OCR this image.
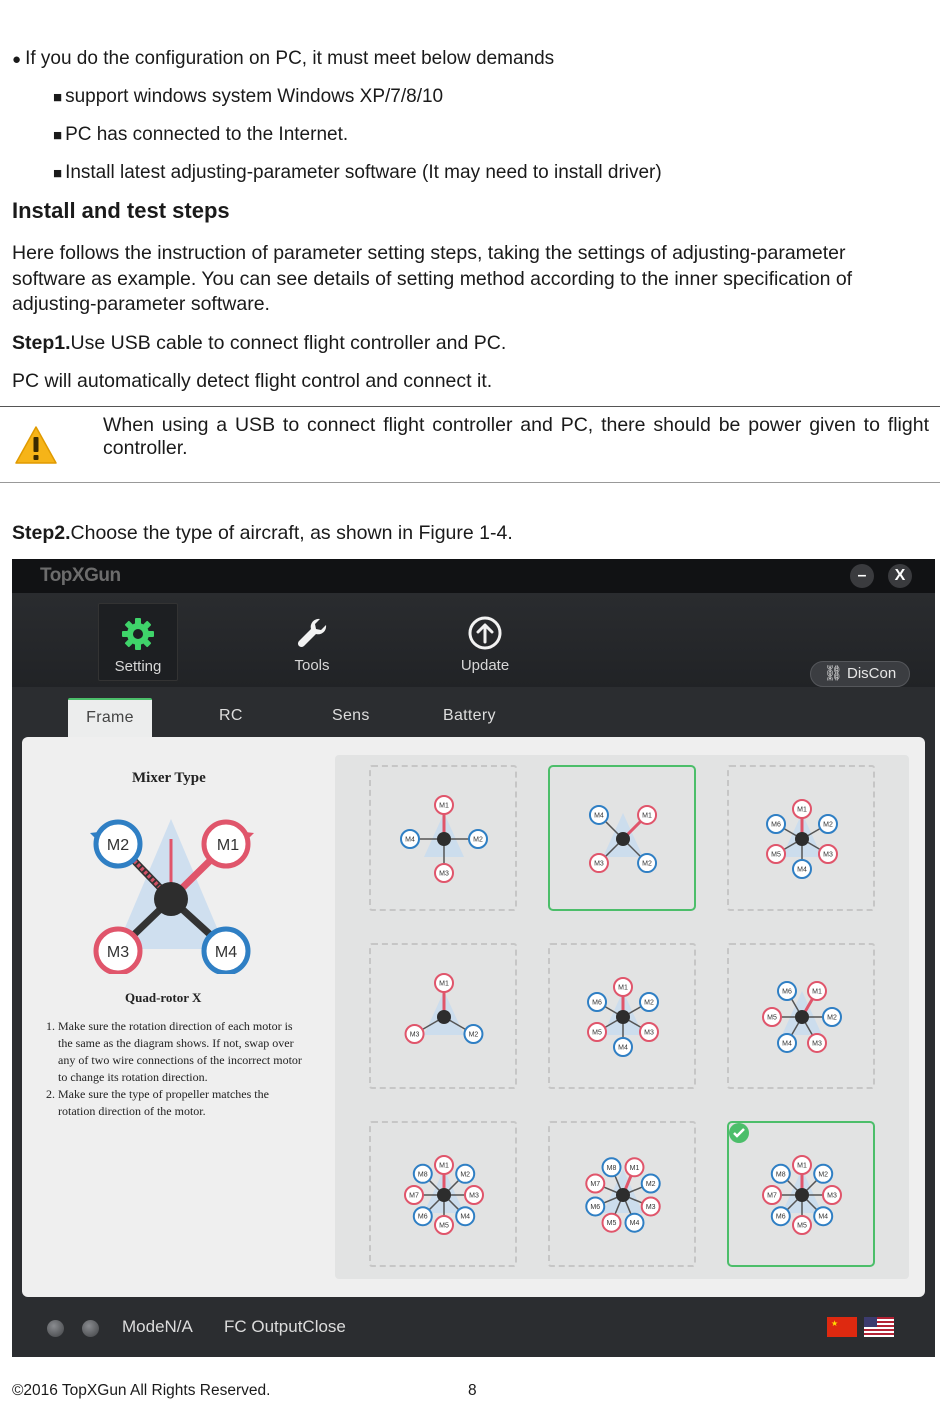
● If you do the configuration on PC, it must meet below demands
■ support windows system Windows XP/7/8/10
■ PC has connected to the Internet.
■ Install latest adjusting-parameter software (It may need to install driver)
Install and test steps
Here follows the instruction of parameter setting steps, taking the settings of adjusting-parameter software as example. You can see details of setting method according to the inner specification of adjusting-parameter software.
Step1.Use USB cable to connect flight controller and PC.
PC will automatically detect flight control and connect it.
When using a USB to connect flight controller and PC, there should be power given to flight controller.
Step2.Choose the type of aircraft, as shown in Figure 1-4.
TopXGun	–	X
Setting	Tools	Update	⛓ DisCon
Frame	RC	Sens	Battery
Mixer Type
M2	M1
M3	M4
Quad-rotor X
1. Make sure the rotation direction of each motor is the same as the diagram shows. If not, swap over any of two wire connections of the incorrect motor to change its rotation direction.
2. Make sure the type of propeller matches the rotation direction of the motor.
M1
M2
M3
M4
M1
M2
M3
M4
M1
M2
M3
M4
M5
M6
M1
M2
M3
M1
M2
M3
M4
M5
M6
M1
M2
M3
M4
M5
M6
M1
M2
M3
M4
M5
M6
M7
M8
M1
M2
M3
M4
M5
M6
M7
M8	M1
M2
M3
M4
M5
M6
M7
M8
ModeN/A FC OutputClose	★
©2016 TopXGun All Rights Reserved.	8
